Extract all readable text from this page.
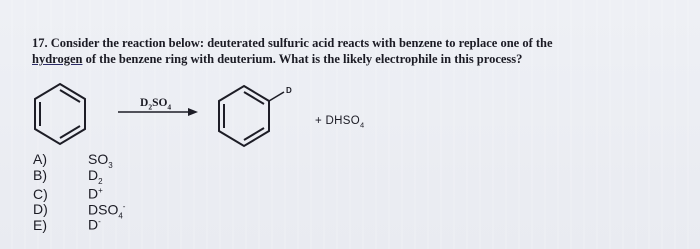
17. Consider the reaction below: deuterated sulfuric acid reacts with benzene to replace one of the
hydrogen of the benzene ring with deuterium. What is the likely electrophile in this process?
$D_2SO_4$
D
+ $DHSO_4$
A)	$SO_3$
B)	$D_2$
C)	D+
D)	$DSO_4^-$
E)	D-
